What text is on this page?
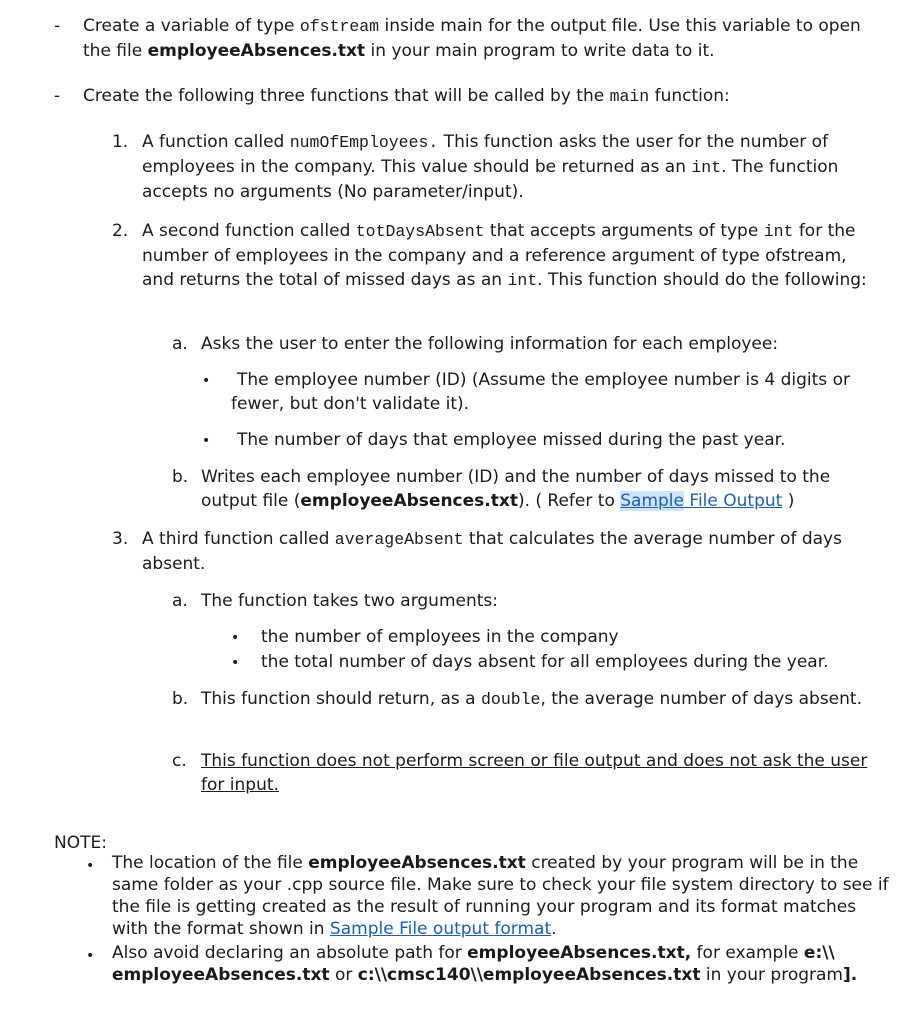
- Create a variable of type ofstream inside main for the output file. Use this variable to open the file employeeAbsences.txt in your main program to write data to it.
- Create the following three functions that will be called by the main function:
1. A function called numOfEmployees. This function asks the user for the number of employees in the company. This value should be returned as an int. The function accepts no arguments (No parameter/input).
2. A second function called totDaysAbsent that accepts arguments of type int for the number of employees in the company and a reference argument of type ofstream, and returns the total of missed days as an int. This function should do the following:
a. Asks the user to enter the following information for each employee:
•	The employee number (ID) (Assume the employee number is 4 digits or fewer, but don't validate it).
• The number of days that employee missed during the past year.
b. Writes each employee number (ID) and the number of days missed to the output file (employeeAbsences.txt). ( Refer to Sample File Output )
3. A third function called averageAbsent that calculates the average number of days absent.
a. The function takes two arguments:
• the number of employees in the company
• the total number of days absent for all employees during the year.
b. This function should return, as a double, the average number of days absent.
c. This function does not perform screen or file output and does not ask the user for input.
NOTE:
• The location of the file employeeAbsences.txt created by your program will be in the same folder as your .cpp source file. Make sure to check your file system directory to see if the file is getting created as the result of running your program and its format matches with the format shown in Sample File output format.
• Also avoid declaring an absolute path for employeeAbsences.txt, for example e:\\ employeeAbsences.txt or c:\\cmsc140\\employeeAbsences.txt in your program].
